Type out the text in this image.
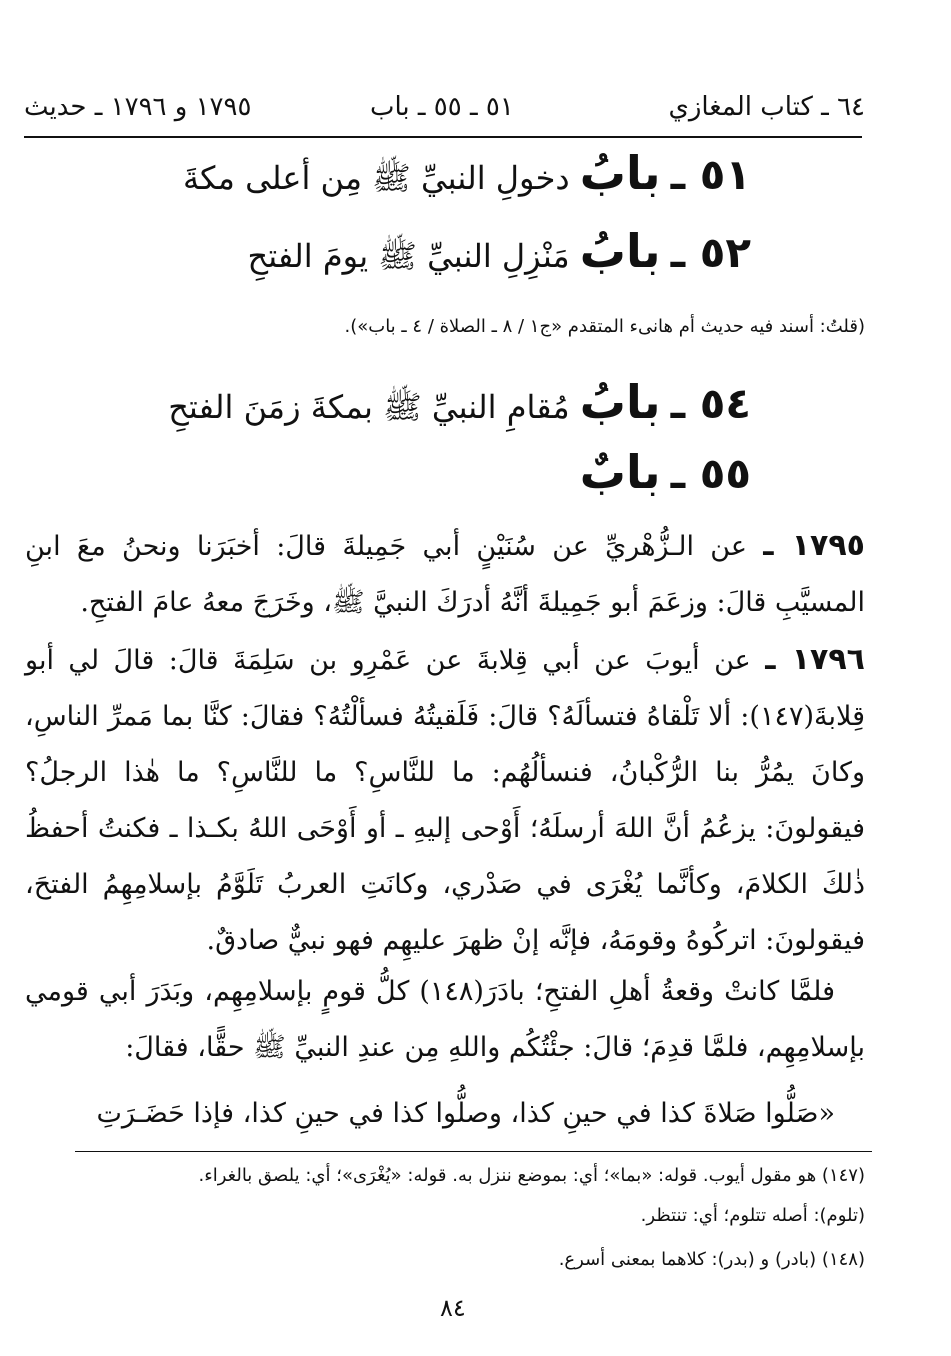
٦٤ ـ كتاب المغازي
٥١ ـ ٥٥ ـ باب
١٧٩٥ و ١٧٩٦ ـ حديث
٥١ ـ بابُ دخولِ النبيِّ ﷺ مِن أعلى مكةَ
٥٢ ـ بابُ مَنْزِلِ النبيِّ ﷺ يومَ الفتحِ
(قلتُ: أسند فيه حديث أم هانىء المتقدم «ج١ / ٨ ـ الصلاة / ٤ ـ باب»).
٥٤ ـ بابُ مُقامِ النبيِّ ﷺ بمكةَ زمَنَ الفتحِ
٥٥ ـ بابٌ
١٧٩٥ ـ عن الـزُّهْريِّ عن سُنَيْنٍ أبي جَمِيلةَ قالَ: أخبَرَنا ونحنُ معَ ابنِ المسيَّبِ قالَ: وزعَمَ أبو جَمِيلةَ أنَّهُ أدرَكَ النبيَّ ﷺ، وخَرَجَ معهُ عامَ الفتحِ.
١٧٩٦ ـ عن أيوبَ عن أبي قِلابةَ عن عَمْرِو بن سَلِمَةَ قالَ: قالَ لي أبو قِلابةَ(١٤٧): ألا تَلْقاهُ فتسألَهُ؟ قالَ: فَلَقيتُهُ فسألْتُهُ؟ فقالَ: كنَّا بما مَمرِّ الناسِ، وكانَ يمُرُّ بنا الرُّكْبانُ، فنسألُهُم: ما للنَّاسِ؟ ما للنَّاسِ؟ ما هٰذا الرجلُ؟ فيقولونَ: يزعُمُ أنَّ اللهَ أرسلَهُ؛ أَوْحى إليهِ ـ أو أَوْحَى اللهُ بكـذا ـ فكنتُ أحفظُ ذٰلكَ الكلامَ، وكأنَّما يُغْرَى في صَدْري، وكانَتِ العربُ تَلَوَّمُ بإسلامِهِمُ الفتحَ، فيقولونَ: اتركُوهُ وقومَهُ، فإنَّه إنْ ظهرَ عليهِم فهو نبيٌّ صادقٌ.
فلمَّا كانتْ وقعةُ أهلِ الفتحِ؛ بادَرَ(١٤٨) كلُّ قومٍ بإسلامِهِم، وبَدَرَ أبي قومي بإسلامِهِم، فلمَّا قدِمَ؛ قالَ: جئْتُكُم واللهِ مِن عندِ النبيِّ ﷺ حقًّا، فقالَ:
«صَلُّوا صَلاةَ كذا في حينِ كذا، وصلُّوا كذا في حينِ كذا، فإذا حَضَـرَتِ
(١٤٧) هو مقول أيوب. قوله: «بما»؛ أي: بموضع ننزل به. قوله: «يُغْرَى»؛ أي: يلصق بالغراء.
(تلوم): أصله تتلوم؛ أي: تنتظر.
(١٤٨) (بادر) و (بدر): كلاهما بمعنى أسرع.
٨٤
